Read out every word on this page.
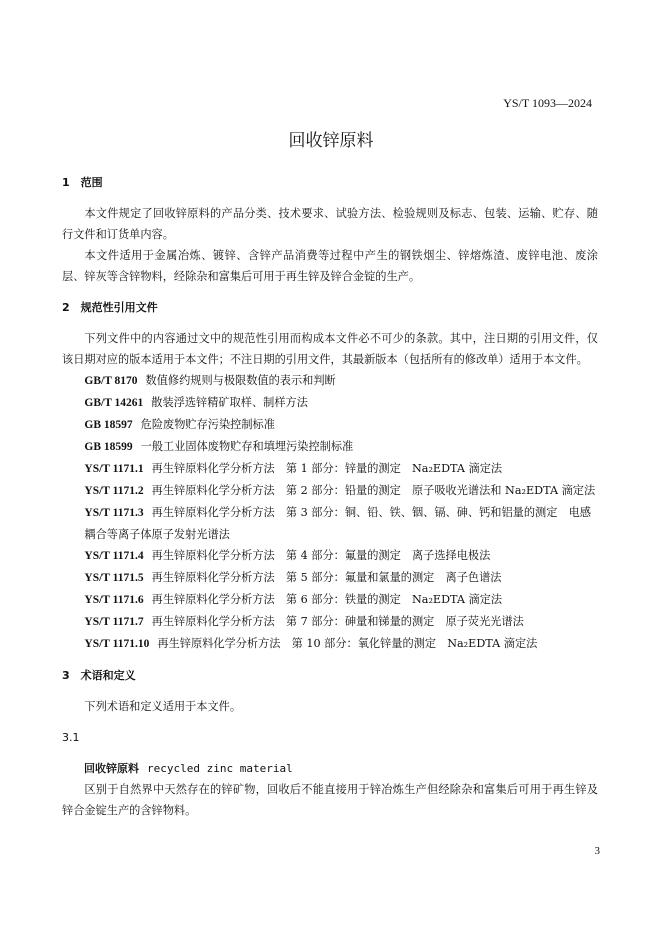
YS/T 1093—2024
回收锌原料
1　范围

本文件规定了回收锌原料的产品分类、技术要求、试验方法、检验规则及标志、包装、运输、贮存、随行文件和订货单内容。

本文件适用于金属冶炼、镀锌、含锌产品消费等过程中产生的钢铁烟尘、锌熔炼渣、废锌电池、废涂层、锌灰等含锌物料，经除杂和富集后可用于再生锌及锌合金锭的生产。

2　规范性引用文件

下列文件中的内容通过文中的规范性引用而构成本文件必不可少的条款。其中，注日期的引用文件，仅该日期对应的版本适用于本文件；不注日期的引用文件，其最新版本（包括所有的修改单）适用于本文件。

GB/T 8170 数值修约规则与极限数值的表示和判断

GB/T 14261 散装浮选锌精矿取样、制样方法

GB 18597 危险废物贮存污染控制标准

GB 18599 一般工业固体废物贮存和填埋污染控制标准

YS/T 1171.1 再生锌原料化学分析方法　第 1 部分：锌量的测定　Na₂EDTA 滴定法

YS/T 1171.2 再生锌原料化学分析方法　第 2 部分：铅量的测定　原子吸收光谱法和 Na₂EDTA 滴定法

YS/T 1171.3 再生锌原料化学分析方法　第 3 部分：铜、铅、铁、铟、镉、砷、钙和铝量的测定　电感耦合等离子体原子发射光谱法

YS/T 1171.4 再生锌原料化学分析方法　第 4 部分：氟量的测定　离子选择电极法

YS/T 1171.5 再生锌原料化学分析方法　第 5 部分：氟量和氯量的测定　离子色谱法

YS/T 1171.6 再生锌原料化学分析方法　第 6 部分：铁量的测定　Na₂EDTA 滴定法

YS/T 1171.7 再生锌原料化学分析方法　第 7 部分：砷量和锑量的测定　原子荧光光谱法

YS/T 1171.10 再生锌原料化学分析方法　第 10 部分：氧化锌量的测定　Na₂EDTA 滴定法

3　术语和定义

下列术语和定义适用于本文件。

3.1

回收锌原料 recycled zinc material

区别于自然界中天然存在的锌矿物，回收后不能直接用于锌冶炼生产但经除杂和富集后可用于再生锌及锌合金锭生产的含锌物料。

3
